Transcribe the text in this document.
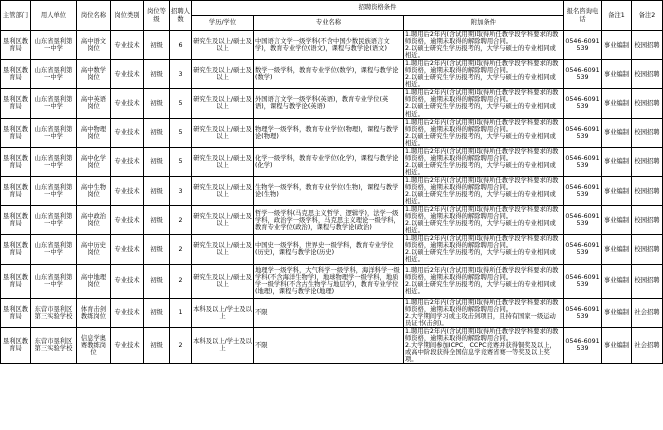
主管部门	用人单位	岗位名称	岗位类别	岗位等级	招聘人数	招聘资格条件			报名咨询电话	备注1	备注2
						学历/学位	专业名称	附加条件			
垦利区教育局	山东省垦利第一中学	高中语文岗位	专业技术	初级	6	研究生及以上/硕士及以上	中国语言文学一级学科(不含中国少数民族语言文学)，教育专业学位(语文)，课程与教学论(语文)	1.聘用后2年内(含试用期)取得所任教学段学科要求的教师资格，逾期未取得的解除聘用合同。
2.以硕士研究生学历报考的，大学与硕士的专业相同或相近。	0546-6091539	事业编制	校园招聘
垦利区教育局	山东省垦利第一中学	高中数学岗位	专业技术	初级	3	研究生及以上/硕士及以上	数学一级学科，教育专业学位(数学)，课程与教学论(数学)	1.聘用后2年内(含试用期)取得所任教学段学科要求的教师资格，逾期未取得的解除聘用合同。
2.以硕士研究生学历报考的，大学与硕士的专业相同或相近。	0546-6091539	事业编制	校园招聘
垦利区教育局	山东省垦利第一中学	高中英语岗位	专业技术	初级	5	研究生及以上/硕士及以上	外国语言文学一级学科(英语)，教育专业学位(英语)，课程与教学论(英语)	1.聘用后2年内(含试用期)取得所任教学段学科要求的教师资格，逾期未取得的解除聘用合同。
2.以硕士研究生学历报考的，大学与硕士的专业相同或相近。	0546-6091539	事业编制	校园招聘
垦利区教育局	山东省垦利第一中学	高中物理岗位	专业技术	初级	5	研究生及以上/硕士及以上	物理学一级学科，教育专业学位(物理)，课程与教学论(物理)	1.聘用后2年内(含试用期)取得所任教学段学科要求的教师资格，逾期未取得的解除聘用合同。
2.以硕士研究生学历报考的，大学与硕士的专业相同或相近。	0546-6091539	事业编制	校园招聘
垦利区教育局	山东省垦利第一中学	高中化学岗位	专业技术	初级	5	研究生及以上/硕士及以上	化学一级学科，教育专业学位(化学)，课程与教学论(化学)	1.聘用后2年内(含试用期)取得所任教学段学科要求的教师资格，逾期未取得的解除聘用合同。
2.以硕士研究生学历报考的，大学与硕士的专业相同或相近。	0546-6091539	事业编制	校园招聘
垦利区教育局	山东省垦利第一中学	高中生物岗位	专业技术	初级	3	研究生及以上/硕士及以上	生物学一级学科，教育专业学位(生物)，课程与教学论(生物)	1.聘用后2年内(含试用期)取得所任教学段学科要求的教师资格，逾期未取得的解除聘用合同。
2.以硕士研究生学历报考的，大学与硕士的专业相同或相近。	0546-6091539	事业编制	校园招聘
垦利区教育局	山东省垦利第一中学	高中政治岗位	专业技术	初级	2	研究生及以上/硕士及以上	哲学一级学科(马克思主义哲学、逻辑学)，法学一级学科，政治学一级学科，马克思主义理论一级学科，教育专业学位(政治)，课程与教学论(政治)	1.聘用后2年内(含试用期)取得所任教学段学科要求的教师资格，逾期未取得的解除聘用合同。
2.以硕士研究生学历报考的，大学与硕士的专业相同或相近。	0546-6091539	事业编制	校园招聘
垦利区教育局	山东省垦利第一中学	高中历史岗位	专业技术	初级	2	研究生及以上/硕士及以上	中国史一级学科，世界史一级学科，教育专业学位(历史)，课程与教学论(历史)	1.聘用后2年内(含试用期)取得所任教学段学科要求的教师资格，逾期未取得的解除聘用合同。
2.以硕士研究生学历报考的，大学与硕士的专业相同或相近。	0546-6091539	事业编制	校园招聘
垦利区教育局	山东省垦利第一中学	高中地理岗位	专业技术	初级	2	研究生及以上/硕士及以上	地理学一级学科，大气科学一级学科，海洋科学一级学科(不含海洋生物学)，地球物理学一级学科，地质学一级学科(不含古生物学与地层学)，教育专业学位(地理)，课程与教学论(地理)	1.聘用后2年内(含试用期)取得所任教学段学科要求的教师资格，逾期未取得的解除聘用合同。
2.以硕士研究生学历报考的，大学与硕士的专业相同或相近。	0546-6091539	事业编制	校园招聘
垦利区教育局	东营市垦利区第三实验学校	体育击剑教练岗位	专业技术	初级	1	本科及以上/学士及以上	不限	1.聘用后2年内(含试用期)取得所任教学段学科要求的教师资格，逾期未取得的解除聘用合同。
2.大学期间学习或主攻击剑项目，且持有国家一级运动员证书(击剑)。	0546-6091539	事业编制	社会招聘
垦利区教育局	东营市垦利区第三实验学校	信息学奥赛教练岗位	专业技术	初级	2	本科及以上/学士及以上	不限	1.聘用后2年内(含试用期)取得所任教学段学科要求的教师资格，逾期未取得的解除聘用合同。
2.大学期间参加ICPC、CCPC竞赛并获得铜奖及以上，或高中阶段获得全国信息学竞赛省赛一等奖及以上奖项。	0546-6091539	事业编制	社会招聘
